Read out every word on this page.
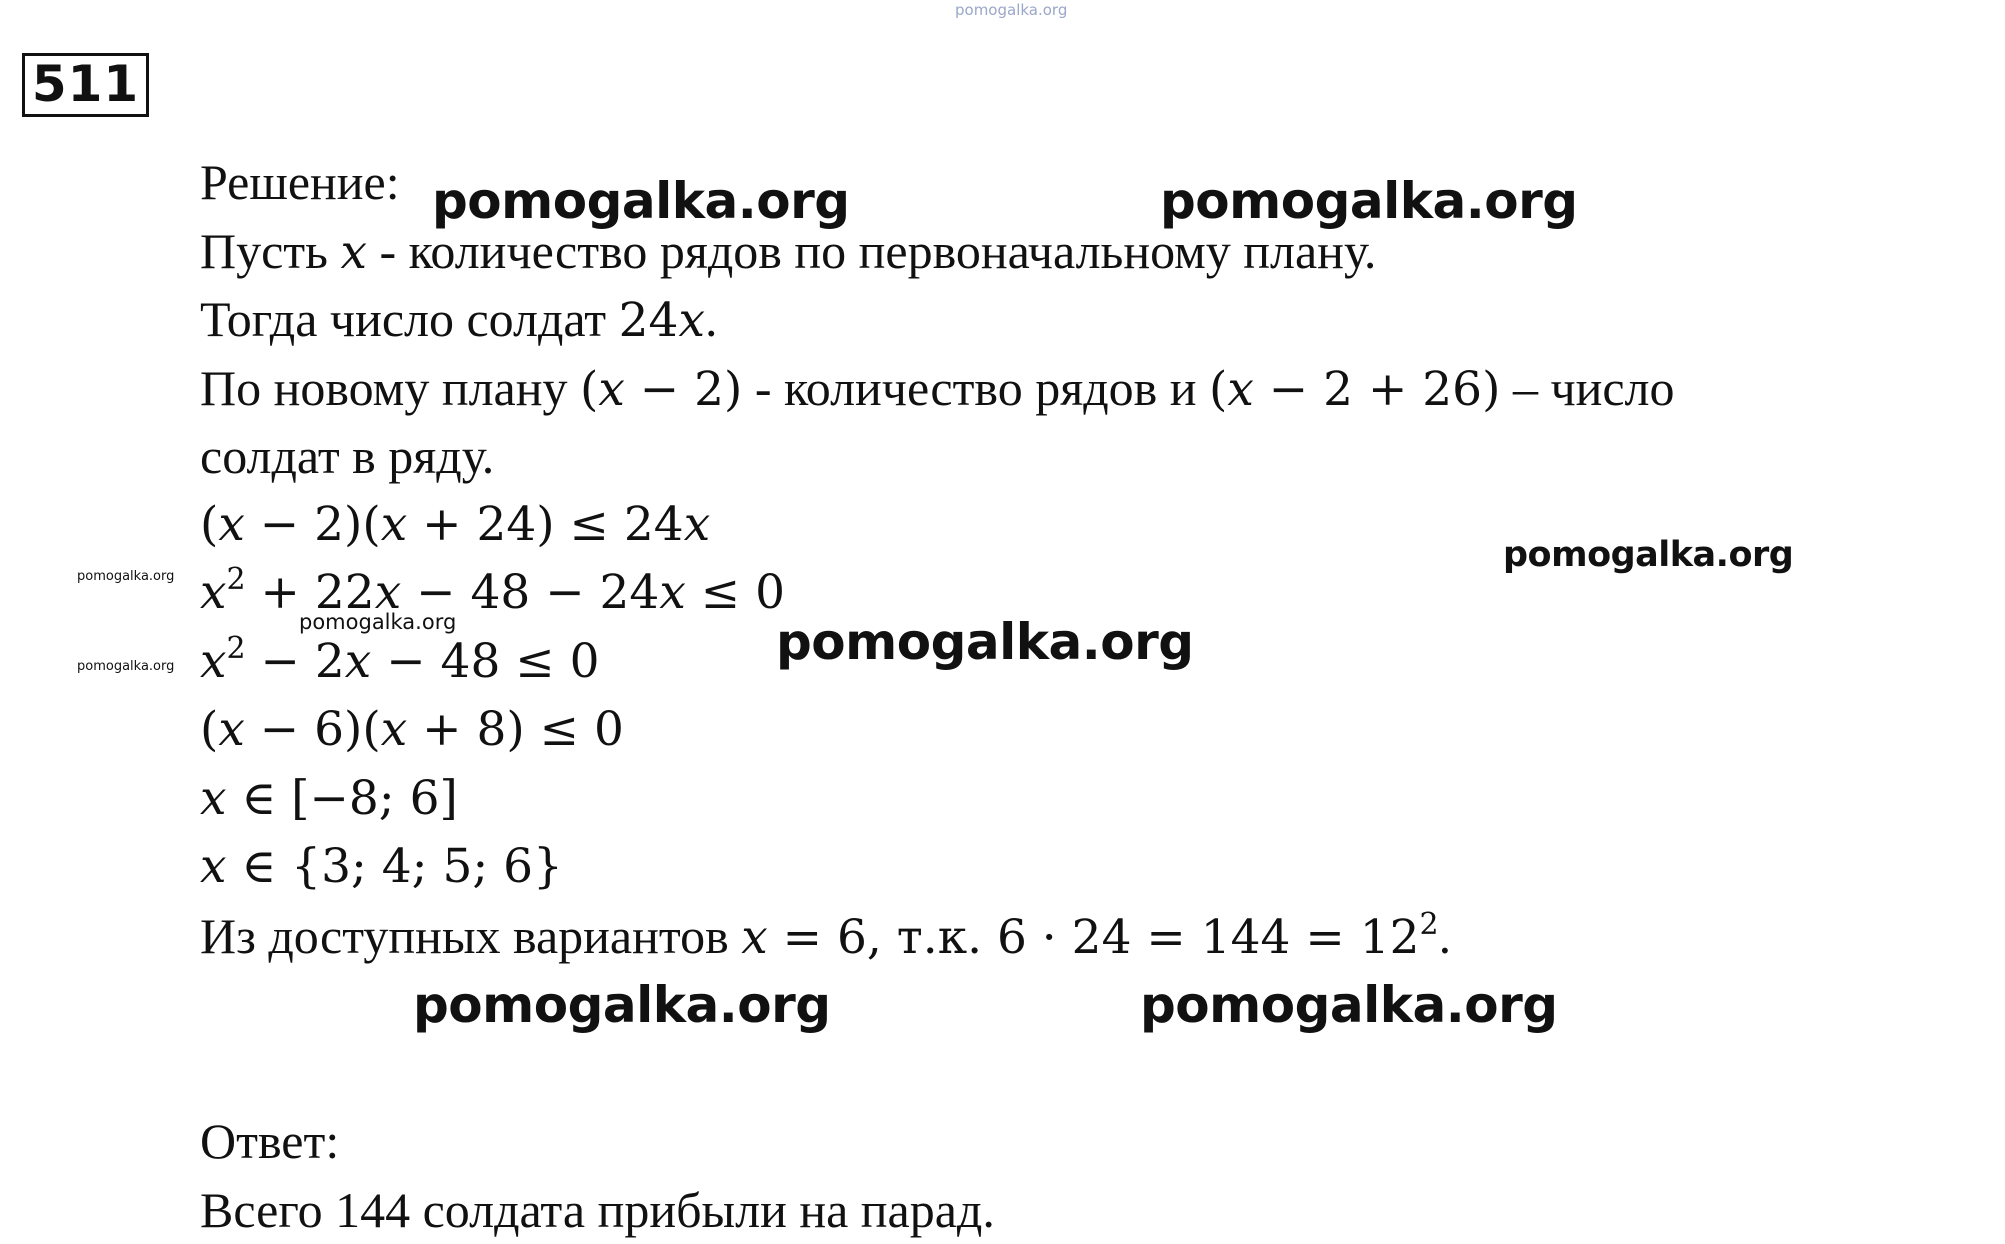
511
Решение:
Пусть x - количество рядов по первоначальному плану.
Тогда число солдат 24x.
По новому плану (x − 2) - количество рядов и (x − 2 + 26) – число
солдат в ряду.
(x − 2)(x + 24) ≤ 24x
$x^2 + 22x - 48 - 24x \le 0$
$x^2 - 2x - 48 \le 0$
(x − 6)(x + 8) ≤ 0
x ∈ [−8; 6]
x ∈ {3; 4; 5; 6}
Из доступных вариантов x = 6, т.к. $6 \cdot 24 = 144 = 12^2$.
Ответ:
Всего 144 солдата прибыли на парад.
pomogalka.org
pomogalka.org	pomogalka.org
pomogalka.org
pomogalka.org
pomogalka.org
pomogalka.org	pomogalka.org
pomogalka.org	pomogalka.org
